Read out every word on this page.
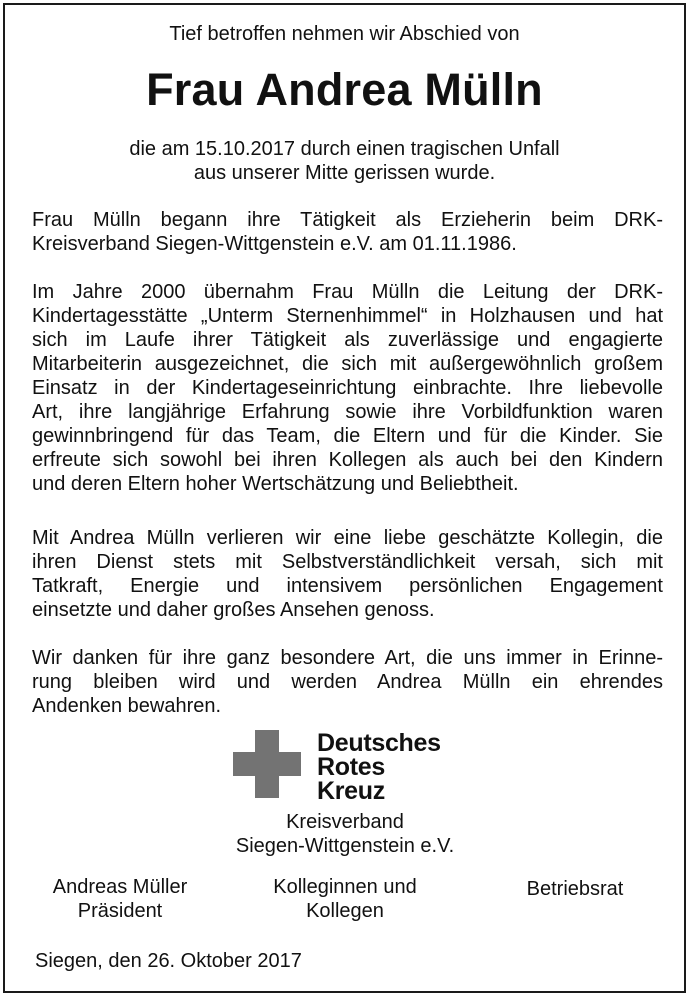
Tief betroffen nehmen wir Abschied von
Frau Andrea Mülln
die am 15.10.2017 durch einen tragischen Unfall
aus unserer Mitte gerissen wurde.
Frau Mülln begann ihre Tätigkeit als Erzieherin beim DRK-
Kreisverband Siegen-Wittgenstein e.V. am 01.11.1986.
Im Jahre 2000 übernahm Frau Mülln die Leitung der DRK-
Kindertagesstätte „Unterm Sternenhimmel“ in Holzhausen und hat
sich im Laufe ihrer Tätigkeit als zuverlässige und engagierte
Mitarbeiterin ausgezeichnet, die sich mit außergewöhnlich großem
Einsatz in der Kindertageseinrichtung einbrachte. Ihre liebevolle
Art, ihre langjährige Erfahrung sowie ihre Vorbildfunktion waren
gewinnbringend für das Team, die Eltern und für die Kinder. Sie
erfreute sich sowohl bei ihren Kollegen als auch bei den Kindern
und deren Eltern hoher Wertschätzung und Beliebtheit.
Mit Andrea Mülln verlieren wir eine liebe geschätzte Kollegin, die
ihren Dienst stets mit Selbstverständlichkeit versah, sich mit
Tatkraft, Energie und intensivem persönlichen Engagement
einsetzte und daher großes Ansehen genoss.
Wir danken für ihre ganz besondere Art, die uns immer in Erinne-
rung bleiben wird und werden Andrea Mülln ein ehrendes
Andenken bewahren.
Deutsches
Rotes
Kreuz
Kreisverband
Siegen-Wittgenstein e.V.
Andreas Müller
Präsident
Kolleginnen und
Kollegen
Betriebsrat
Siegen, den 26. Oktober 2017
